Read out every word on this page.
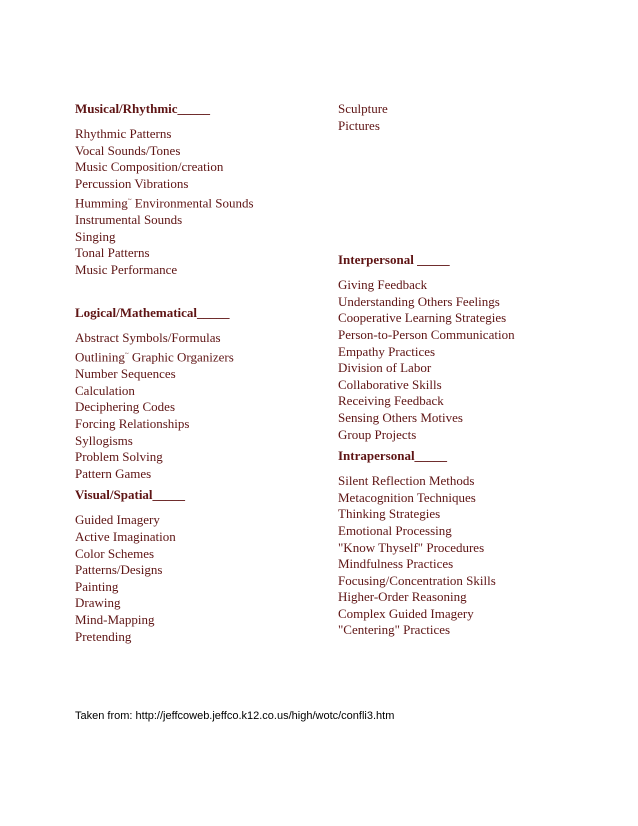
Musical/Rhythmic_____
Rhythmic Patterns
Vocal Sounds/Tones
Music Composition/creation
Percussion Vibrations
Humming~ Environmental Sounds
Instrumental Sounds
Singing
Tonal Patterns
Music Performance
Logical/Mathematical_____
Abstract Symbols/Formulas
Outlining~ Graphic Organizers
Number Sequences
Calculation
Deciphering Codes
Forcing Relationships
Syllogisms
Problem Solving
Pattern Games
Visual/Spatial_____
Guided Imagery
Active Imagination
Color Schemes
Patterns/Designs
Painting
Drawing
Mind-Mapping
Pretending
Sculpture
Pictures
Interpersonal _____
Giving Feedback
Understanding Others Feelings
Cooperative Learning Strategies
Person-to-Person Communication
Empathy Practices
Division of Labor
Collaborative Skills
Receiving Feedback
Sensing Others Motives
Group Projects
Intrapersonal_____
Silent Reflection Methods
Metacognition Techniques
Thinking Strategies
Emotional Processing
"Know Thyself" Procedures
Mindfulness Practices
Focusing/Concentration Skills
Higher-Order Reasoning
Complex Guided Imagery
"Centering" Practices
Taken from: http://jeffcoweb.jeffco.k12.co.us/high/wotc/confli3.htm
